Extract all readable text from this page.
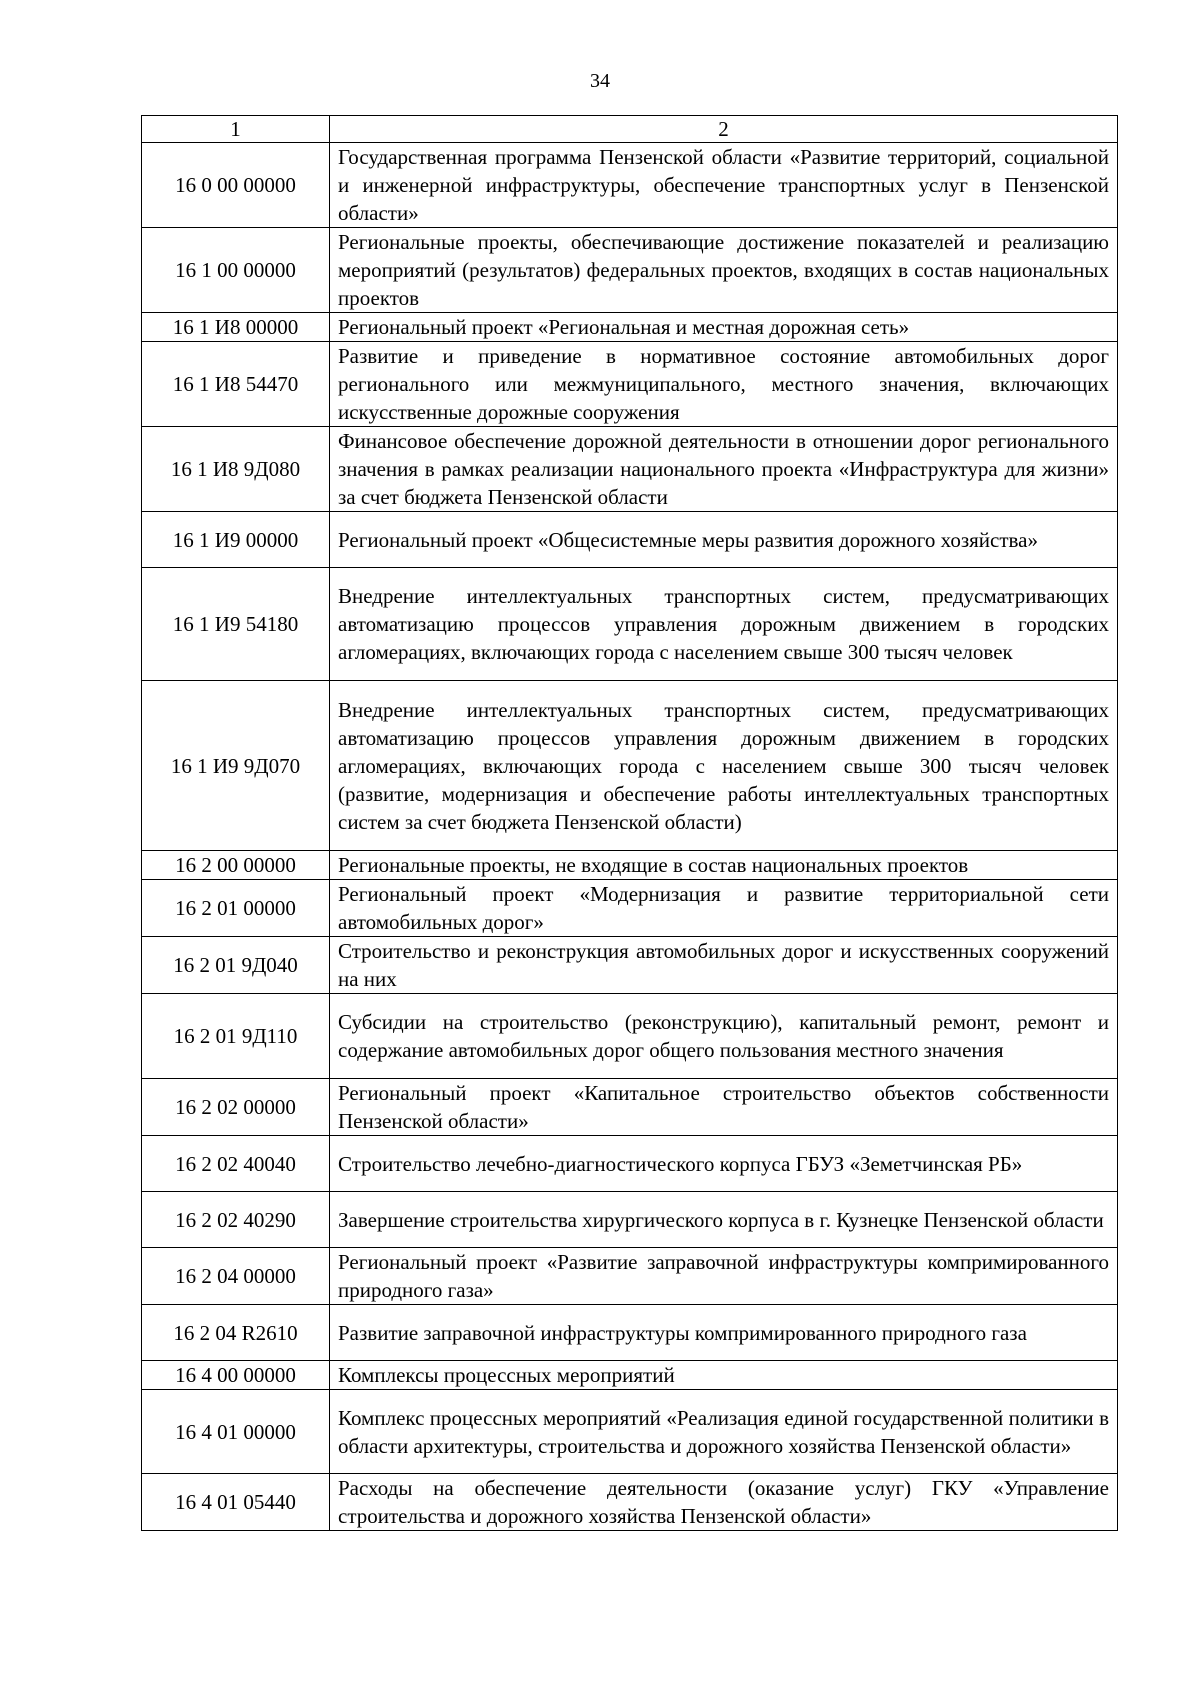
34
1	2
16 0 00 00000	Государственная программа Пензенской области «Развитие территорий, социальной и инженерной инфраструктуры, обеспечение транспортных услуг в Пензенской области»
16 1 00 00000	Региональные проекты, обеспечивающие достижение показателей и реализацию мероприятий (результатов) федеральных проектов, входящих в состав национальных проектов
16 1 И8 00000	Региональный проект «Региональная и местная дорожная сеть»
16 1 И8 54470	Развитие и приведение в нормативное состояние автомобильных дорог регионального или межмуниципального, местного значения, включающих искусственные дорожные сооружения
16 1 И8 9Д080	Финансовое обеспечение дорожной деятельности в отношении дорог регионального значения в рамках реализации национального проекта «Инфраструктура для жизни» за счет бюджета Пензенской области
16 1 И9 00000	Региональный проект «Общесистемные меры развития дорожного хозяйства»
16 1 И9 54180	Внедрение интеллектуальных транспортных систем, предусматривающих автоматизацию процессов управления дорожным движением в городских агломерациях, включающих города с населением свыше 300 тысяч человек
16 1 И9 9Д070	Внедрение интеллектуальных транспортных систем, предусматривающих автоматизацию процессов управления дорожным движением в городских агломерациях, включающих города с населением свыше 300 тысяч человек (развитие, модернизация и обеспечение работы интеллектуальных транспортных систем за счет бюджета Пензенской области)
16 2 00 00000	Региональные проекты, не входящие в состав национальных проектов
16 2 01 00000	Региональный проект «Модернизация и развитие территориальной сети автомобильных дорог»
16 2 01 9Д040	Строительство и реконструкция автомобильных дорог и искусственных сооружений на них
16 2 01 9Д110	Субсидии на строительство (реконструкцию), капитальный ремонт, ремонт и содержание автомобильных дорог общего пользования местного значения
16 2 02 00000	Региональный проект «Капитальное строительство объектов собственности Пензенской области»
16 2 02 40040	Строительство лечебно-диагностического корпуса ГБУЗ «Земетчинская РБ»
16 2 02 40290	Завершение строительства хирургического корпуса в г. Кузнецке Пензенской области
16 2 04 00000	Региональный проект «Развитие заправочной инфраструктуры компримированного природного газа»
16 2 04 R2610	Развитие заправочной инфраструктуры компримированного природного газа
16 4 00 00000	Комплексы процессных мероприятий
16 4 01 00000	Комплекс процессных мероприятий «Реализация единой государственной политики в области архитектуры, строительства и дорожного хозяйства Пензенской области»
16 4 01 05440	Расходы на обеспечение деятельности (оказание услуг) ГКУ «Управление строительства и дорожного хозяйства Пензенской области»
